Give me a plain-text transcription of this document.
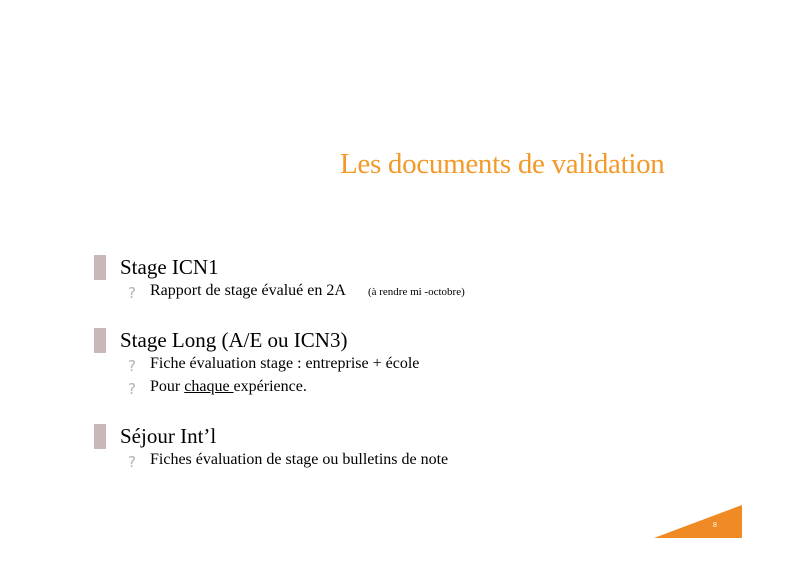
Les documents de validation
Stage ICN1
? Rapport de stage évalué en 2A (à rendre mi -octobre)
Stage Long (A/E ou ICN3)
? Fiche évaluation stage : entreprise + école
? Pour chaque expérience.
Séjour Int’l
? Fiches évaluation de stage ou bulletins de note
8
